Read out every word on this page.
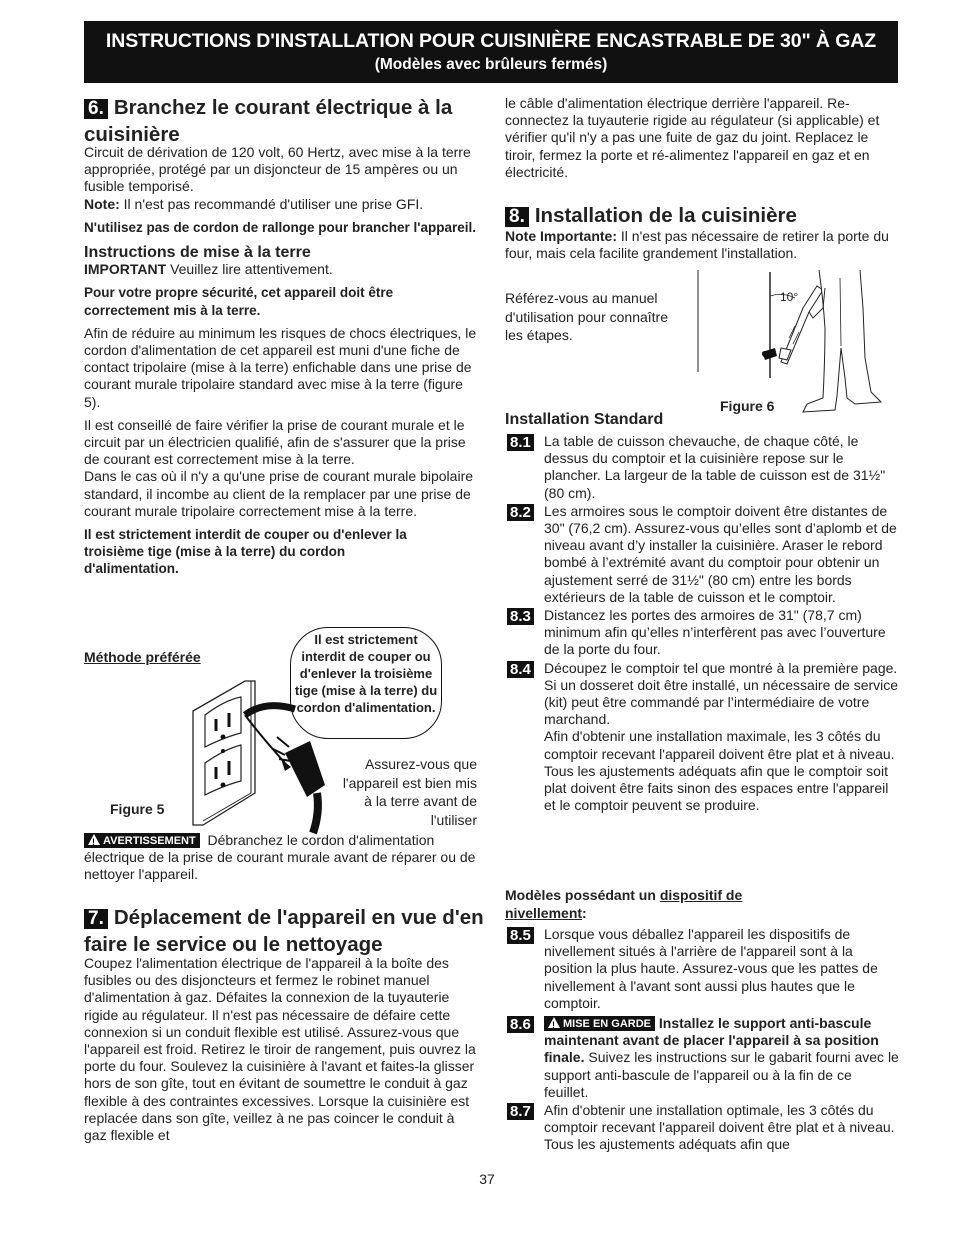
INSTRUCTIONS D'INSTALLATION POUR CUISINIÈRE ENCASTRABLE DE 30" À GAZ
(Modèles avec brûleurs fermés)
6. Branchez le courant électrique à la cuisinière

Circuit de dérivation de 120 volt, 60 Hertz, avec mise à la terre appropriée, protégé par un disjoncteur de 15 ampères ou un fusible temporisé.

Note: Il n'est pas recommandé d'utiliser une prise GFI.

N'utilisez pas de cordon de rallonge pour brancher l'appareil.

Instructions de mise à la terre

IMPORTANT Veuillez lire attentivement.

Pour votre propre sécurité, cet appareil doit être correctement mis à la terre.

Afin de réduire au minimum les risques de chocs électriques, le cordon d'alimentation de cet appareil est muni d'une fiche de contact tripolaire (mise à la terre) enfichable dans une prise de courant murale tripolaire standard avec mise à la terre (figure 5).

Il est conseillé de faire vérifier la prise de courant murale et le circuit par un électricien qualifié, afin de s'assurer que la prise de courant est correctement mise à la terre.

Dans le cas où il n'y a qu'une prise de courant murale bipolaire standard, il incombe au client de la remplacer par une prise de courant murale tripolaire correctement mise à la terre.

Il est strictement interdit de couper ou d'enlever la troisième tige (mise à la terre) du cordon d'alimentation.

Méthode préférée
Il est strictement interdit de couper ou d'enlever la troisième tige (mise à la terre) du cordon d'alimentation.
Assurez-vous que l'appareil est bien mis à la terre avant de l'utiliser
Figure 5
!AVERTISSEMENT Débranchez le cordon d'alimentation électrique de la prise de courant murale avant de réparer ou de nettoyer l'appareil.
7. Déplacement de l'appareil en vue d'en faire le service ou le nettoyage
Coupez l'alimentation électrique de l'appareil à la boîte des fusibles ou des disjoncteurs et fermez le robinet manuel d'alimentation à gaz. Défaites la connexion de la tuyauterie rigide au régulateur. Il n'est pas nécessaire de défaire cette connexion si un conduit flexible est utilisé. Assurez-vous que l'appareil est froid. Retirez le tiroir de rangement, puis ouvrez la porte du four. Soulevez la cuisinière à l'avant et faites-la glisser hors de son gîte, tout en évitant de soumettre le conduit à gaz flexible à des contraintes excessives. Lorsque la cuisinière est replacée dans son gîte, veillez à ne pas coincer le conduit à gaz flexible et
le câble d'alimentation électrique derrière l'appareil. Re-connectez la tuyauterie rigide au régulateur (si applicable) et vérifier qu'il n'y a pas une fuite de gaz du joint. Replacez le tiroir, fermez la porte et ré-alimentez l'appareil en gaz et en électricité.
8. Installation de la cuisinière
Note Importante: Il n'est pas nécessaire de retirer la porte du four, mais cela facilite grandement l'installation.
Référez-vous au manuel d'utilisation pour connaître les étapes.
10°
Figure 6
Installation Standard
8.1 La table de cuisson chevauche, de chaque côté, le dessus du comptoir et la cuisinière repose sur le plancher. La largeur de la table de cuisson est de 31½" (80 cm).
8.2 Les armoires sous le comptoir doivent être distantes de 30" (76,2 cm). Assurez-vous qu’elles sont d’aplomb et de niveau avant d’y installer la cuisinière. Araser le rebord bombé à l’extrémité avant du comptoir pour obtenir un ajustement serré de 31½" (80 cm) entre les bords extérieurs de la table de cuisson et le comptoir.
8.3 Distancez les portes des armoires de 31" (78,7 cm) minimum afin qu’elles n’interfèrent pas avec l’ouverture de la porte du four.
8.4 Découpez le comptoir tel que montré à la première page.

Si un dosseret doit être installé, un nécessaire de service (kit) peut être commandé par l’intermédiaire de votre marchand.

Afin d'obtenir une installation maximale, les 3 côtés du comptoir recevant l'appareil doivent être plat et à niveau. Tous les ajustements adéquats afin que le comptoir soit plat doivent être faits sinon des espaces entre l'appareil et le comptoir peuvent se produire.

Modèles possédant un dispositif de nivellement:
8.5 Lorsque vous déballez l'appareil les dispositifs de nivellement situés à l'arrière de l'appareil sont à la position la plus haute. Assurez-vous que les pattes de nivellement à l'avant sont aussi plus hautes que le comptoir.
8.6
!	MISE EN GARDE Installez le support anti-bascule maintenant avant de placer l'appareil à sa position finale. Suivez les instructions sur le gabarit fourni avec le support anti-bascule de l'appareil ou à la fin de ce feuillet.
8.7 Afin d'obtenir une installation optimale, les 3 côtés du comptoir recevant l'appareil doivent être plat et à niveau. Tous les ajustements adéquats afin que
37
